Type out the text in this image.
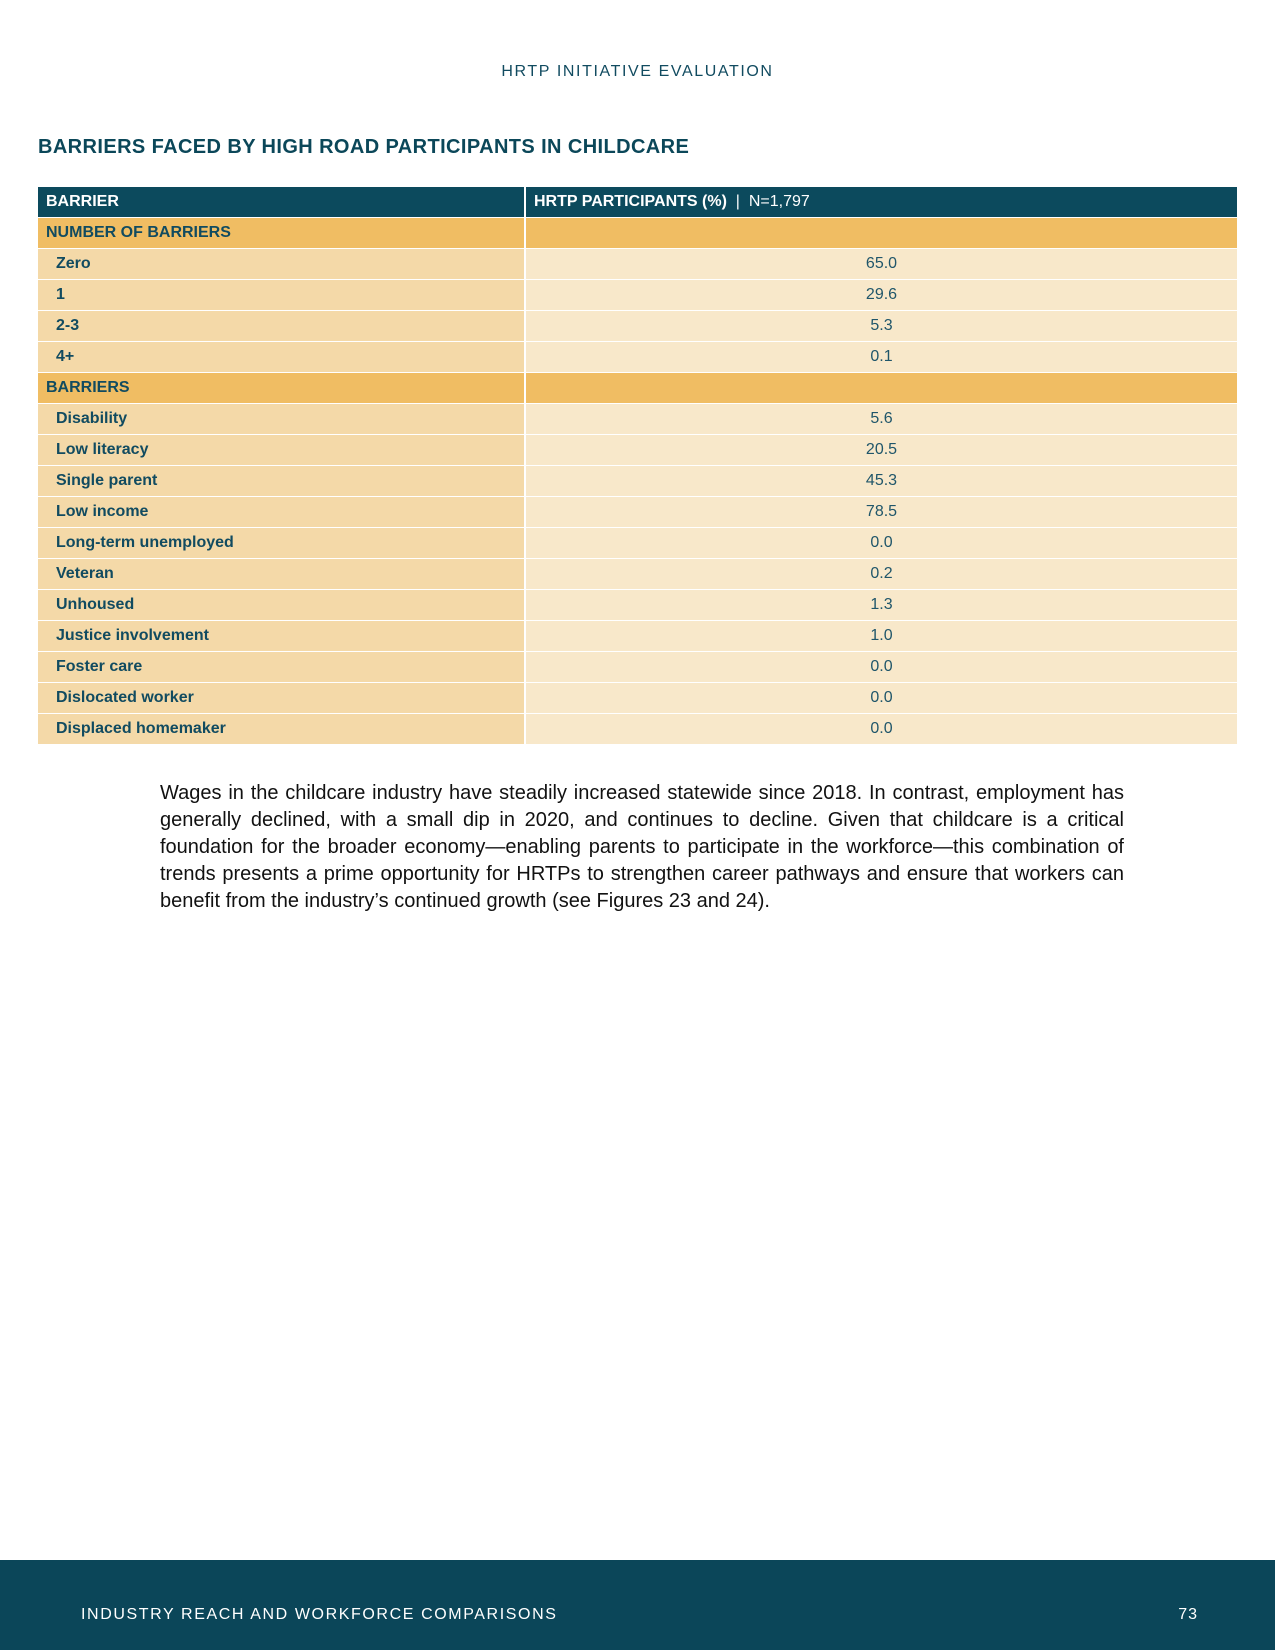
HRTP INITIATIVE EVALUATION
BARRIERS FACED BY HIGH ROAD PARTICIPANTS IN CHILDCARE
BARRIER	HRTP PARTICIPANTS (%) | N=1,797
NUMBER OF BARRIERS	
Zero	65.0
1	29.6
2-3	5.3
4+	0.1
BARRIERS	
Disability	5.6
Low literacy	20.5
Single parent	45.3
Low income	78.5
Long-term unemployed	0.0
Veteran	0.2
Unhoused	1.3
Justice involvement	1.0
Foster care	0.0
Dislocated worker	0.0
Displaced homemaker	0.0

Wages in the childcare industry have steadily increased statewide since 2018. In contrast, employment has generally declined, with a small dip in 2020, and continues to decline. Given that childcare is a critical foundation for the broader economy—enabling parents to participate in the workforce—this combination of trends presents a prime opportunity for HRTPs to strengthen career pathways and ensure that workers can benefit from the industry’s continued growth (see Figures 23 and 24).

INDUSTRY REACH AND WORKFORCE COMPARISONS	73
